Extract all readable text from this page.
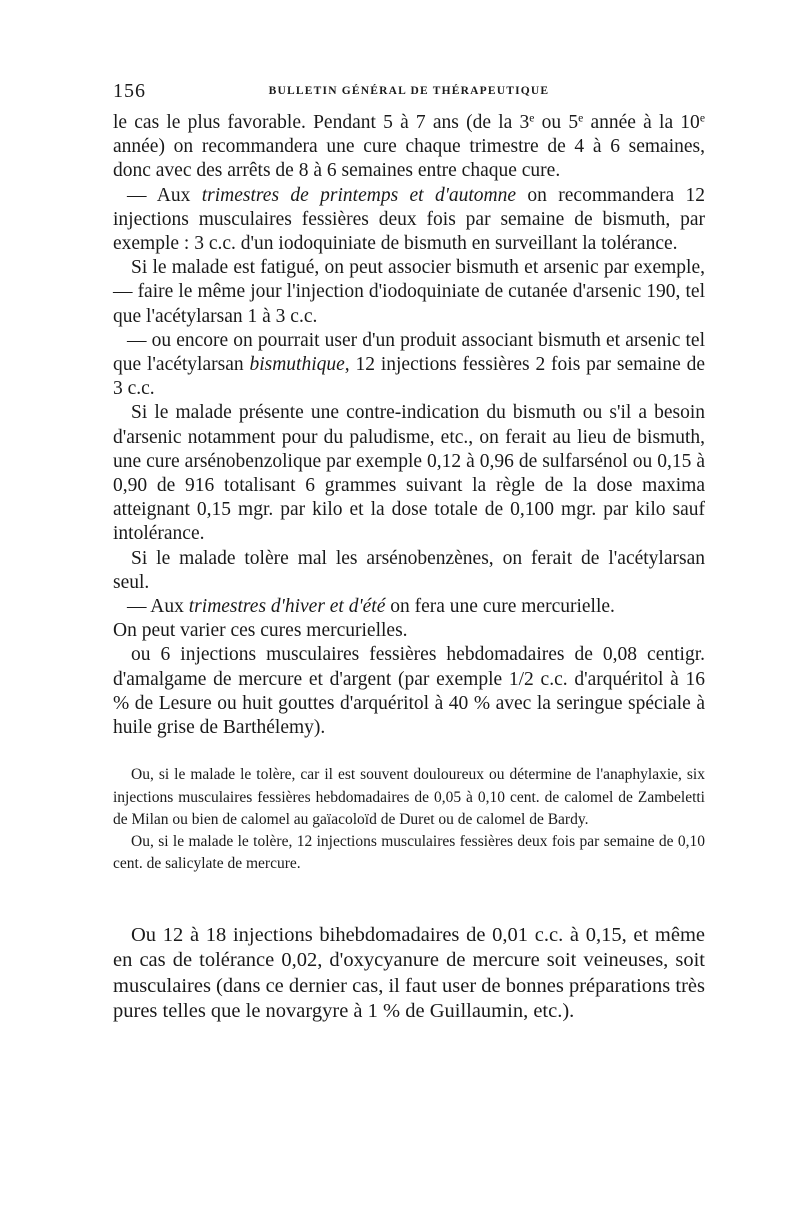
156	BULLETIN GÉNÉRAL DE THÉRAPEUTIQUE

le cas le plus favorable. Pendant 5 à 7 ans (de la 3e ou 5e année à la 10e année) on recommandera une cure chaque trimestre de 4 à 6 semaines, donc avec des arrêts de 8 à 6 semaines entre chaque cure.

— Aux trimestres de printemps et d'automne on recommandera 12 injections musculaires fessières deux fois par semaine de bismuth, par exemple : 3 c.c. d'un iodoquiniate de bismuth en surveillant la tolérance.

Si le malade est fatigué, on peut associer bismuth et arsenic par exemple, — faire le même jour l'injection d'iodoquiniate de cutanée d'arsenic 190, tel que l'acétylarsan 1 à 3 c.c.

— ou encore on pourrait user d'un produit associant bismuth et arsenic tel que l'acétylarsan bismuthique, 12 injections fessières 2 fois par semaine de 3 c.c.

Si le malade présente une contre-indication du bismuth ou s'il a besoin d'arsenic notamment pour du paludisme, etc., on ferait au lieu de bismuth, une cure arsénobenzolique par exemple 0,12 à 0,96 de sulfarsénol ou 0,15 à 0,90 de 916 totalisant 6 grammes suivant la règle de la dose maxima atteignant 0,15 mgr. par kilo et la dose totale de 0,100 mgr. par kilo sauf intolérance.

Si le malade tolère mal les arsénobenzènes, on ferait de l'acétylarsan seul.

— Aux trimestres d'hiver et d'été on fera une cure mercurielle.

On peut varier ces cures mercurielles.

ou 6 injections musculaires fessières hebdomadaires de 0,08 centigr. d'amalgame de mercure et d'argent (par exemple 1/2 c.c. d'arquéritol à 16 % de Lesure ou huit gouttes d'arquéritol à 40 % avec la seringue spéciale à huile grise de Barthélemy).

Ou, si le malade le tolère, car il est souvent douloureux ou détermine de l'anaphylaxie, six injections musculaires fessières hebdomadaires de 0,05 à 0,10 cent. de calomel de Zambeletti de Milan ou bien de calomel au gaïacoloïd de Duret ou de calomel de Bardy.

Ou, si le malade le tolère, 12 injections musculaires fessières deux fois par semaine de 0,10 cent. de salicylate de mercure.

Ou 12 à 18 injections bihebdomadaires de 0,01 c.c. à 0,15, et même en cas de tolérance 0,02, d'oxycyanure de mercure soit veineuses, soit musculaires (dans ce dernier cas, il faut user de bonnes préparations très pures telles que le novargyre à 1 % de Guillaumin, etc.).
